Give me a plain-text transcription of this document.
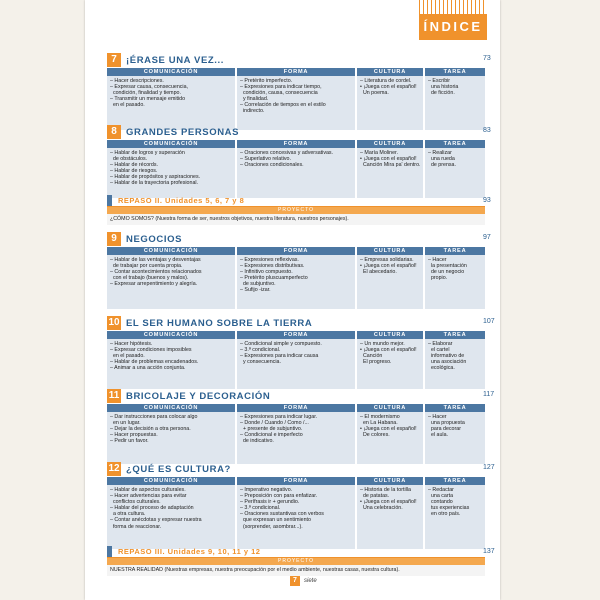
ÍNDICE
7 ¡ÉRASE UNA VEZ...
COMUNICACIÓN
– Hacer descripciones.
– Expresar causa, consecuencia,
condición, finalidad y tiempo.
– Transmitir un mensaje emitido
en el pasado.
FORMA
– Pretérito imperfecto.
– Expresiones para indicar tiempo,
condición, causa, consecuencia
y finalidad.
– Correlación de tiempos en el estilo
indirecto.
CULTURA
– Literatura de cordel.
• ¡Juega con el español!
Un poema.
TAREA
– Escribir
una historia
de ficción.
73
8 GRANDES PERSONAS
COMUNICACIÓN
– Hablar de logros y superación
de obstáculos.
– Hablar de récords.
– Hablar de riesgos.
– Hablar de propósitos y aspiraciones.
– Hablar de la trayectoria profesional.
FORMA
– Oraciones concesivas y adversativas.
– Superlativo relativo.
– Oraciones condicionales.
CULTURA
– María Moliner.
• ¡Juega con el español!
Canción Mira pa' dentro.
TAREA
– Realizar
una rueda
de prensa.
83
9 NEGOCIOS
COMUNICACIÓN
– Hablar de las ventajas y desventajas
de trabajar por cuenta propia.
– Contar acontecimientos relacionados
con el trabajo (buenos y malos).
– Expresar arrepentimiento y alegría.
FORMA
– Expresiones reflexivas.
– Expresiones distributivas.
– Infinitivo compuesto.
– Pretérito pluscuamperfecto
de subjuntivo.
– Sufijo -izar.
CULTURA
– Empresas solidarias.
• ¡Juega con el español!
El abecedario.
TAREA
– Hacer
la presentación
de un negocio
propio.
97
10 EL SER HUMANO SOBRE LA TIERRA
COMUNICACIÓN
– Hacer hipótesis.
– Expresar condiciones imposibles
en el pasado.
– Hablar de problemas encadenados.
– Animar a una acción conjunta.
FORMA
– Condicional simple y compuesto.
– 3.ª condicional.
– Expresiones para indicar causa
y consecuencia.
CULTURA
– Un mundo mejor.
• ¡Juega con el español!
Canción
El progreso.
TAREA
– Elaborar
el cartel
informativo de
una asociación
ecológica.
107
11 BRICOLAJE Y DECORACIÓN
COMUNICACIÓN
– Dar instrucciones para colocar algo
en un lugar.
– Dejar la decisión a otra persona.
– Hacer propuestas.
– Pedir un favor.
FORMA
– Expresiones para indicar lugar.
– Donde / Cuando / Como /...
+ presente de subjuntivo.
– Condicional e imperfecto
de indicativo.
CULTURA
– El modernismo
en La Habana.
• ¡Juega con el español!
De colores.
TAREA
– Hacer
una propuesta
para decorar
el aula.
117
12 ¿QUÉ ES CULTURA?
COMUNICACIÓN
– Hablar de aspectos culturales.
– Hacer advertencias para evitar
conflictos culturales.
– Hablar del proceso de adaptación
a otra cultura.
– Contar anécdotas y expresar nuestra
forma de reaccionar.
FORMA
– Imperativo negativo.
– Preposición con para enfatizar.
– Perífrasis ir + gerundio.
– 3.ª condicional.
– Oraciones sustantivas con verbos
que expresan un sentimiento
(sorprender, asombrar...).
CULTURA
– Historia de la tortilla
de patatas.
• ¡Juega con el español!
Una celebración.
TAREA
– Redactar
una carta
contando
tus experiencias
en otro país.
127
REPASO II. Unidades 5, 6, 7 y 8
PROYECTO
¿CÓMO SOMOS? (Nuestra forma de ser, nuestros objetivos, nuestra literatura, nuestros personajes).
93
REPASO III. Unidades 9, 10, 11 y 12
PROYECTO
NUESTRA REALIDAD (Nuestras empresas, nuestra preocupación por el medio ambiente, nuestras casas, nuestra cultura).
137
7	siete
